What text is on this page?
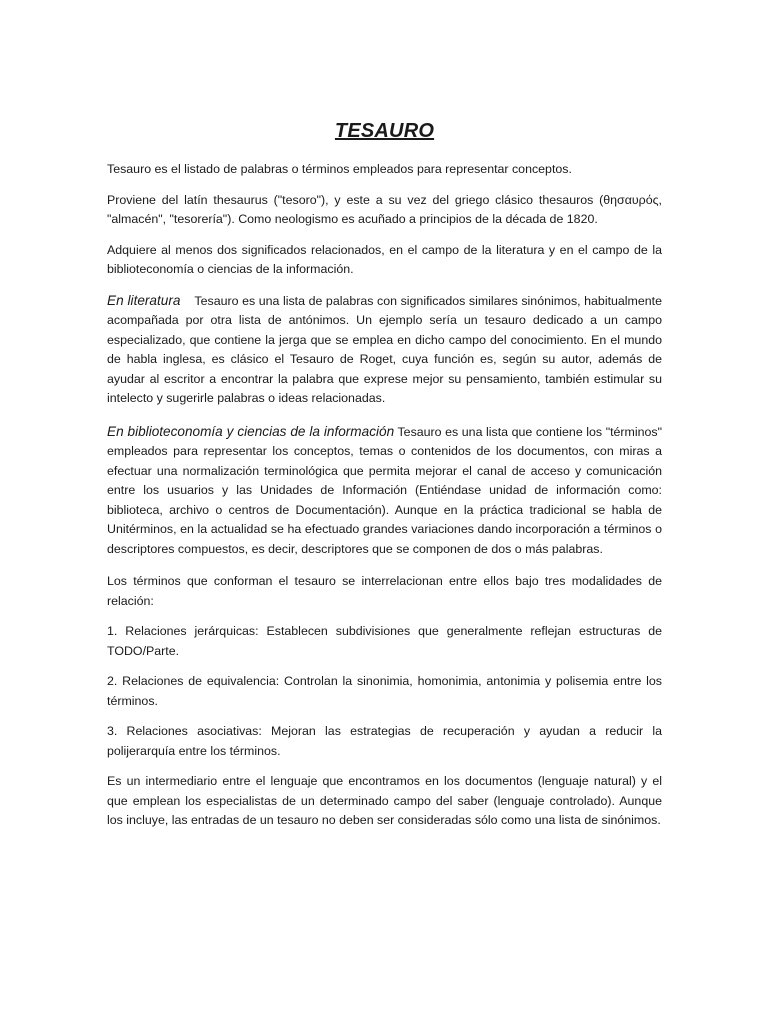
TESAURO

Tesauro es el listado de palabras o términos empleados para representar conceptos.

Proviene del latín thesaurus ("tesoro"), y este a su vez del griego clásico thesauros (θησαυρός, "almacén", "tesorería"). Como neologismo es acuñado a principios de la década de 1820.

Adquiere al menos dos significados relacionados, en el campo de la literatura y en el campo de la biblioteconomía o ciencias de la información.

En literatura Tesauro es una lista de palabras con significados similares sinónimos, habitualmente acompañada por otra lista de antónimos. Un ejemplo sería un tesauro dedicado a un campo especializado, que contiene la jerga que se emplea en dicho campo del conocimiento. En el mundo de habla inglesa, es clásico el Tesauro de Roget, cuya función es, según su autor, además de ayudar al escritor a encontrar la palabra que exprese mejor su pensamiento, también estimular su intelecto y sugerirle palabras o ideas relacionadas.

En biblioteconomía y ciencias de la información Tesauro es una lista que contiene los "términos" empleados para representar los conceptos, temas o contenidos de los documentos, con miras a efectuar una normalización terminológica que permita mejorar el canal de acceso y comunicación entre los usuarios y las Unidades de Información (Entiéndase unidad de información como: biblioteca, archivo o centros de Documentación). Aunque en la práctica tradicional se habla de Unitérminos, en la actualidad se ha efectuado grandes variaciones dando incorporación a términos o descriptores compuestos, es decir, descriptores que se componen de dos o más palabras.

Los términos que conforman el tesauro se interrelacionan entre ellos bajo tres modalidades de relación:

1. Relaciones jerárquicas: Establecen subdivisiones que generalmente reflejan estructuras de TODO/Parte.

2. Relaciones de equivalencia: Controlan la sinonimia, homonimia, antonimia y polisemia entre los términos.

3. Relaciones asociativas: Mejoran las estrategias de recuperación y ayudan a reducir la polijerarquía entre los términos.

Es un intermediario entre el lenguaje que encontramos en los documentos (lenguaje natural) y el que emplean los especialistas de un determinado campo del saber (lenguaje controlado). Aunque los incluye, las entradas de un tesauro no deben ser consideradas sólo como una lista de sinónimos.
